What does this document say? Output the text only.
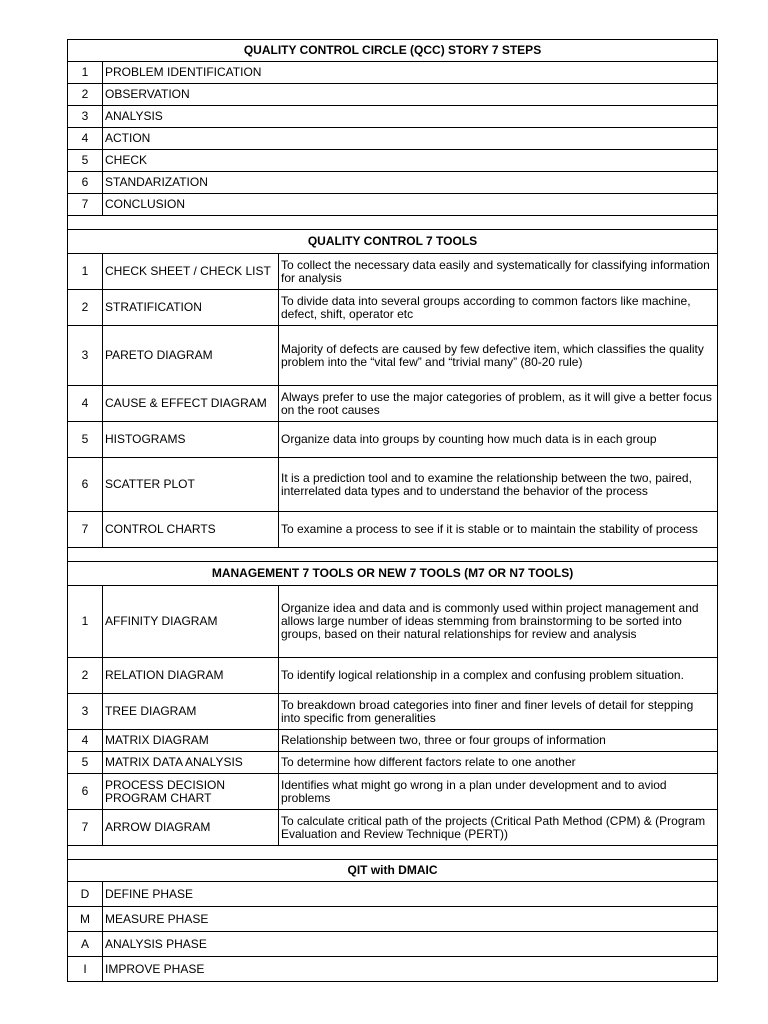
QUALITY CONTROL CIRCLE (QCC) STORY 7 STEPS		
1	PROBLEM IDENTIFICATION	
2	OBSERVATION	
3	ANALYSIS	
4	ACTION	
5	CHECK	
6	STANDARIZATION	
7	CONCLUSION	

QUALITY CONTROL 7 TOOLS		
1	CHECK SHEET / CHECK LIST	To collect the necessary data easily and systematically for classifying information for analysis
2	STRATIFICATION	To divide data into several groups according to common factors like machine, defect, shift, operator etc
3	PARETO DIAGRAM	Majority of defects are caused by few defective item, which classifies the quality problem into the “vital few” and “trivial many” (80-20 rule)
4	CAUSE & EFFECT DIAGRAM	Always prefer to use the major categories of problem, as it will give a better focus on the root causes
5	HISTOGRAMS	Organize data into groups by counting how much data is in each group
6	SCATTER PLOT	It is a prediction tool and to examine the relationship between the two, paired, interrelated data types and to understand the behavior of the process
7	CONTROL CHARTS	To examine a process to see if it is stable or to maintain the stability of process

MANAGEMENT 7 TOOLS OR NEW 7 TOOLS (M7 OR N7 TOOLS)		
1	AFFINITY DIAGRAM	Organize idea and data and is commonly used within project management and allows large number of ideas stemming from brainstorming to be sorted into groups, based on their natural relationships for review and analysis
2	RELATION DIAGRAM	To identify logical relationship in a complex and confusing problem situation.
3	TREE DIAGRAM	To breakdown broad categories into finer and finer levels of detail for stepping into specific from generalities
4	MATRIX DIAGRAM	Relationship between two, three or four groups of information
5	MATRIX DATA ANALYSIS	To determine how different factors relate to one another
6	PROCESS DECISION PROGRAM CHART	Identifies what might go wrong in a plan under development and to aviod problems
7	ARROW DIAGRAM	To calculate critical path of the projects (Critical Path Method (CPM) & (Program Evaluation and Review Technique (PERT))

QIT with DMAIC		
D	DEFINE PHASE	
M	MEASURE PHASE	
A	ANALYSIS PHASE	
I	IMPROVE PHASE	
